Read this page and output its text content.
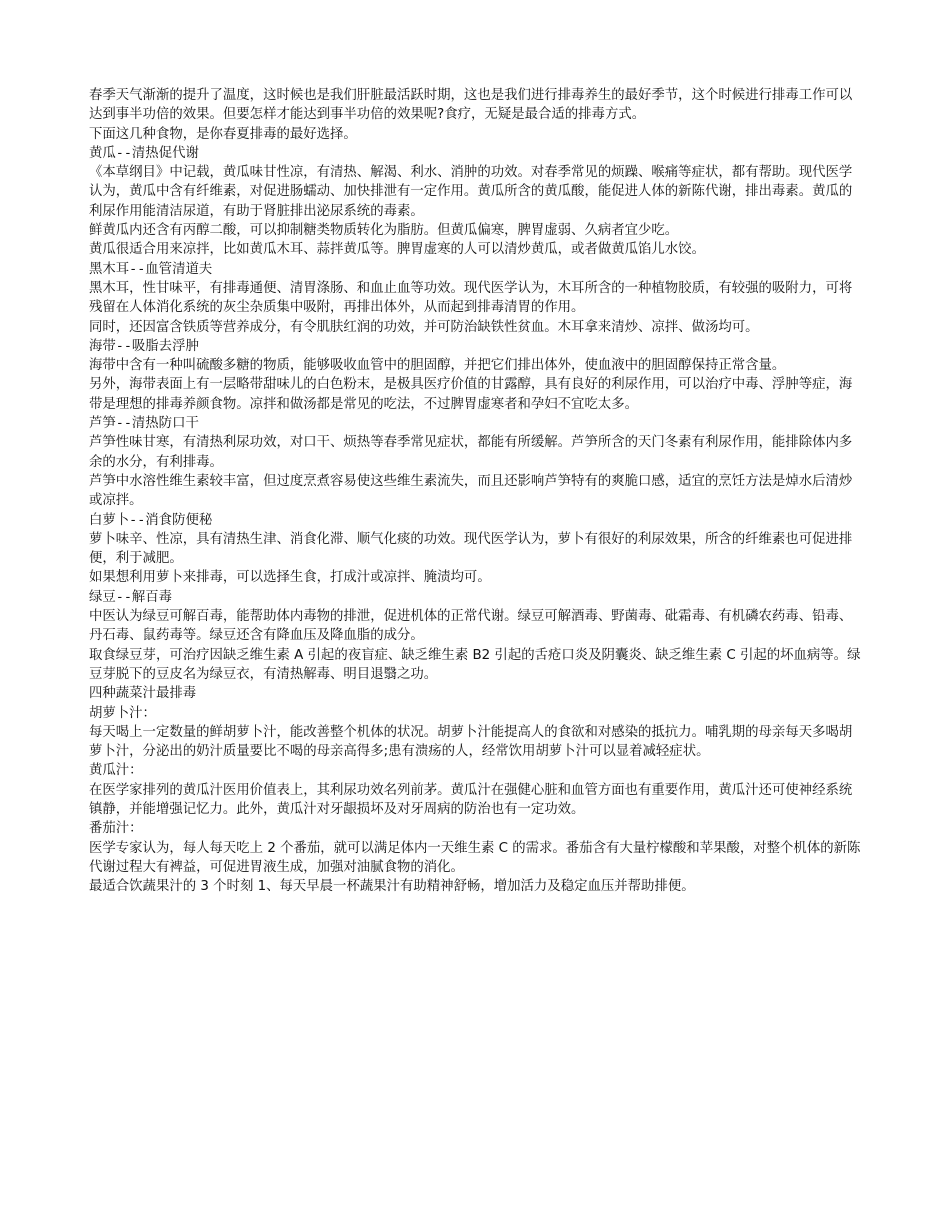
春季天气渐渐的提升了温度，这时候也是我们肝脏最活跃时期，这也是我们进行排毒养生的最好季节，这个时候进行排毒工作可以达到事半功倍的效果。但要怎样才能达到事半功倍的效果呢?食疗，无疑是最合适的排毒方式。

下面这几种食物，是你春夏排毒的最好选择。

黄瓜--清热促代谢

《本草纲目》中记载，黄瓜味甘性凉，有清热、解渴、利水、消肿的功效。对春季常见的烦躁、喉痛等症状，都有帮助。现代医学认为，黄瓜中含有纤维素，对促进肠蠕动、加快排泄有一定作用。黄瓜所含的黄瓜酸，能促进人体的新陈代谢，排出毒素。黄瓜的利尿作用能清洁尿道，有助于肾脏排出泌尿系统的毒素。

鲜黄瓜内还含有丙醇二酸，可以抑制糖类物质转化为脂肪。但黄瓜偏寒，脾胃虚弱、久病者宜少吃。

黄瓜很适合用来凉拌，比如黄瓜木耳、蒜拌黄瓜等。脾胃虚寒的人可以清炒黄瓜，或者做黄瓜馅儿水饺。

黑木耳--血管清道夫

黑木耳，性甘味平，有排毒通便、清胃涤肠、和血止血等功效。现代医学认为，木耳所含的一种植物胶质，有较强的吸附力，可将残留在人体消化系统的灰尘杂质集中吸附，再排出体外，从而起到排毒清胃的作用。

同时，还因富含铁质等营养成分，有令肌肤红润的功效，并可防治缺铁性贫血。木耳拿来清炒、凉拌、做汤均可。

海带--吸脂去浮肿

海带中含有一种叫硫酸多糖的物质，能够吸收血管中的胆固醇，并把它们排出体外，使血液中的胆固醇保持正常含量。

另外，海带表面上有一层略带甜味儿的白色粉末，是极具医疗价值的甘露醇，具有良好的利尿作用，可以治疗中毒、浮肿等症，海带是理想的排毒养颜食物。凉拌和做汤都是常见的吃法，不过脾胃虚寒者和孕妇不宜吃太多。

芦笋--清热防口干

芦笋性味甘寒，有清热利尿功效，对口干、烦热等春季常见症状，都能有所缓解。芦笋所含的天门冬素有利尿作用，能排除体内多余的水分，有利排毒。

芦笋中水溶性维生素较丰富，但过度烹煮容易使这些维生素流失，而且还影响芦笋特有的爽脆口感，适宜的烹饪方法是焯水后清炒或凉拌。

白萝卜--消食防便秘

萝卜味辛、性凉，具有清热生津、消食化滞、顺气化痰的功效。现代医学认为，萝卜有很好的利尿效果，所含的纤维素也可促进排便，利于减肥。

如果想利用萝卜来排毒，可以选择生食，打成汁或凉拌、腌渍均可。

绿豆--解百毒

中医认为绿豆可解百毒，能帮助体内毒物的排泄，促进机体的正常代谢。绿豆可解酒毒、野菌毒、砒霜毒、有机磷农药毒、铅毒、丹石毒、鼠药毒等。绿豆还含有降血压及降血脂的成分。

取食绿豆芽，可治疗因缺乏维生素 A 引起的夜盲症、缺乏维生素 B2 引起的舌疮口炎及阴囊炎、缺乏维生素 C 引起的坏血病等。绿豆芽脱下的豆皮名为绿豆衣，有清热解毒、明目退翳之功。

四种蔬菜汁最排毒

胡萝卜汁：

每天喝上一定数量的鲜胡萝卜汁，能改善整个机体的状况。胡萝卜汁能提高人的食欲和对感染的抵抗力。哺乳期的母亲每天多喝胡萝卜汁，分泌出的奶汁质量要比不喝的母亲高得多;患有溃疡的人，经常饮用胡萝卜汁可以显着减轻症状。

黄瓜汁：

在医学家排列的黄瓜汁医用价值表上，其利尿功效名列前茅。黄瓜汁在强健心脏和血管方面也有重要作用，黄瓜汁还可使神经系统镇静，并能增强记忆力。此外，黄瓜汁对牙龈损坏及对牙周病的防治也有一定功效。

番茄汁：

医学专家认为，每人每天吃上 2 个番茄，就可以满足体内一天维生素 C 的需求。番茄含有大量柠檬酸和苹果酸，对整个机体的新陈代谢过程大有裨益，可促进胃液生成，加强对油腻食物的消化。

最适合饮蔬果汁的 3 个时刻 1、每天早晨一杯蔬果汁有助精神舒畅，增加活力及稳定血压并帮助排便。
